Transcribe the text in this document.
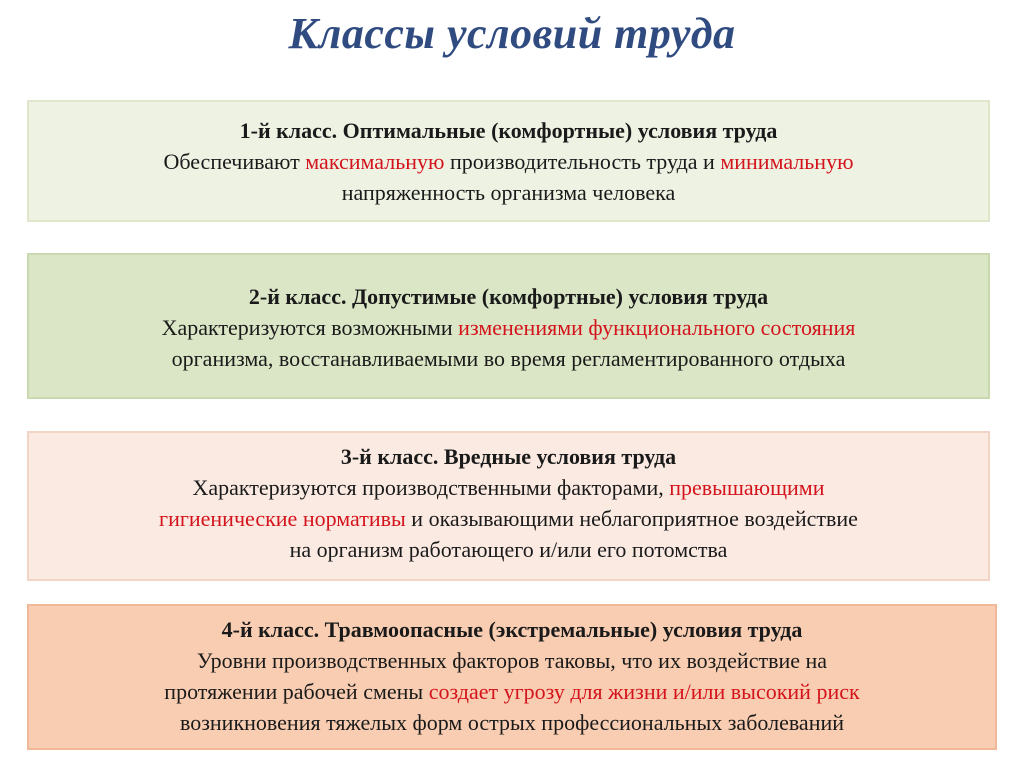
Классы условий труда
1-й класс. Оптимальные (комфортные) условия труда
Обеспечивают максимальную производительность труда и минимальную
напряженность организма человека
2-й класс. Допустимые (комфортные) условия труда
Характеризуются возможными изменениями функционального состояния
организма, восстанавливаемыми во время регламентированного отдыха
3-й класс. Вредные условия труда
Характеризуются производственными факторами, превышающими
гигиенические нормативы и оказывающими неблагоприятное воздействие
на организм работающего и/или его потомства
4-й класс. Травмоопасные (экстремальные) условия труда
Уровни производственных факторов таковы, что их воздействие на
протяжении рабочей смены создает угрозу для жизни и/или высокий риск
возникновения тяжелых форм острых профессиональных заболеваний
